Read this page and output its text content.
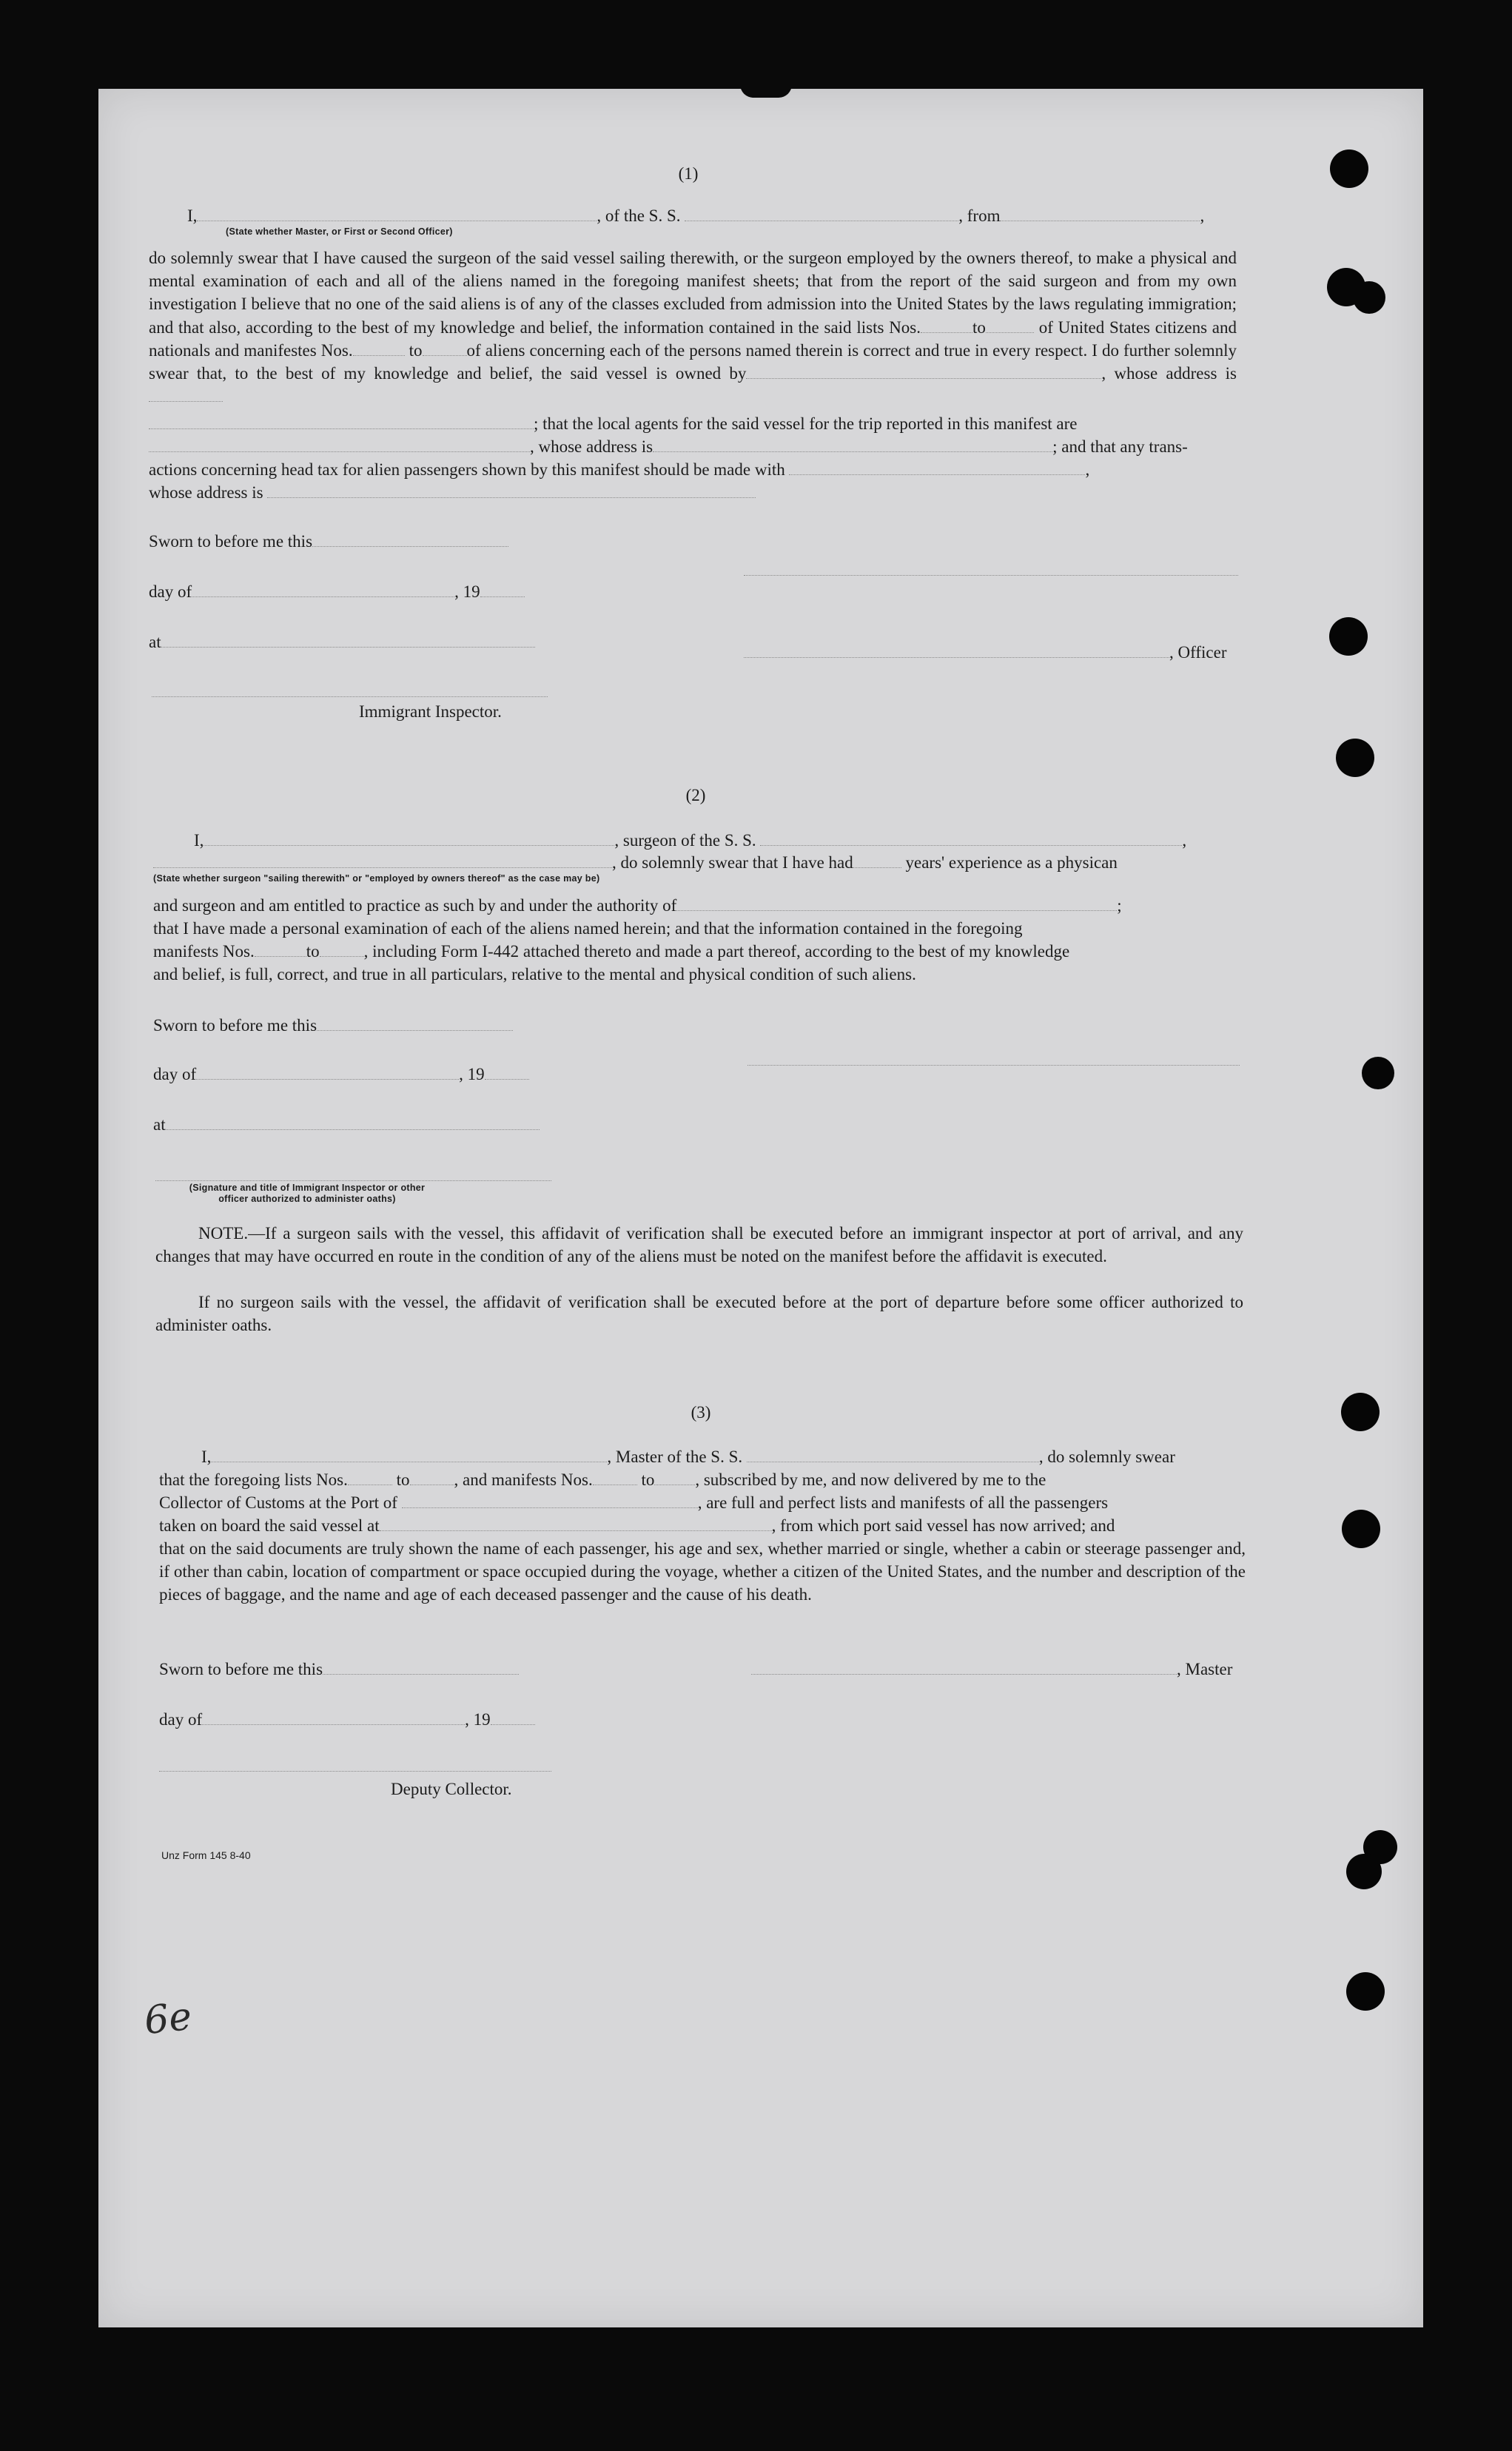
(1)
I,	, of the S. S.	, from	,
(State whether Master, or First or Second Officer)
do solemnly swear that I have caused the surgeon of the said vessel sailing therewith, or the surgeon employed by the owners thereof, to make a physical and mental examination of each and all of the aliens named in the foregoing manifest sheets; that from the report of the said surgeon and from my own investigation I believe that no one of the said aliens is of any of the classes excluded from admission into the United States by the laws regulating immigration; and that also, according to the best of my knowledge and belief, the information contained in the said lists Nos.	to	of United States citizens and nationals and manifestes Nos.	to	of aliens concerning each of the persons named therein is correct and true in every respect. I do further solemnly swear that, to the best of my knowledge and belief, the said vessel is owned by	, whose address is
; that the local agents for the said vessel for the trip reported in this manifest are
, whose address is	; and that any trans-
actions concerning head tax for alien passengers shown by this manifest should be made with	,
whose address is
Sworn to before me this
day of	, 19
at
, Officer
Immigrant Inspector.
(2)
I,	, surgeon of the S. S.	,
, do solemnly swear that I have had	years' experience as a physican
(State whether surgeon "sailing therewith" or "employed by owners thereof" as the case may be)
and surgeon and am entitled to practice as such by and under the authority of	;
that I have made a personal examination of each of the aliens named herein; and that the information contained in the foregoing
manifests Nos.	to	, including Form I-442 attached thereto and made a part thereof, according to the best of my knowledge
and belief, is full, correct, and true in all particulars, relative to the mental and physical condition of such aliens.
Sworn to before me this
day of	, 19
at
(Signature and title of Immigrant Inspector or other officer authorized to administer oaths)
NOTE.—If a surgeon sails with the vessel, this affidavit of verification shall be executed before an immigrant inspector at port of arrival, and any changes that may have occurred en route in the condition of any of the aliens must be noted on the manifest before the affidavit is executed.
If no surgeon sails with the vessel, the affidavit of verification shall be executed before at the port of departure before some officer authorized to administer oaths.
(3)
I,	, Master of the S. S.	, do solemnly swear
that the foregoing lists Nos.	to	, and manifests Nos.	to , subscribed by me, and now delivered by me to the
Collector of Customs at the Port of	, are full and perfect lists and manifests of all the passengers
taken on board the said vessel at	, from which port said vessel has now arrived; and
that on the said documents are truly shown the name of each passenger, his age and sex, whether married or single, whether a cabin or steerage passenger and, if other than cabin, location of compartment or space occupied during the voyage, whether a citizen of the United States, and the number and description of the pieces of baggage, and the name and age of each deceased passenger and the cause of his death.
Sworn to before me this	, Master
day of	, 19
Deputy Collector.
Unz Form 145 8-40
6e
